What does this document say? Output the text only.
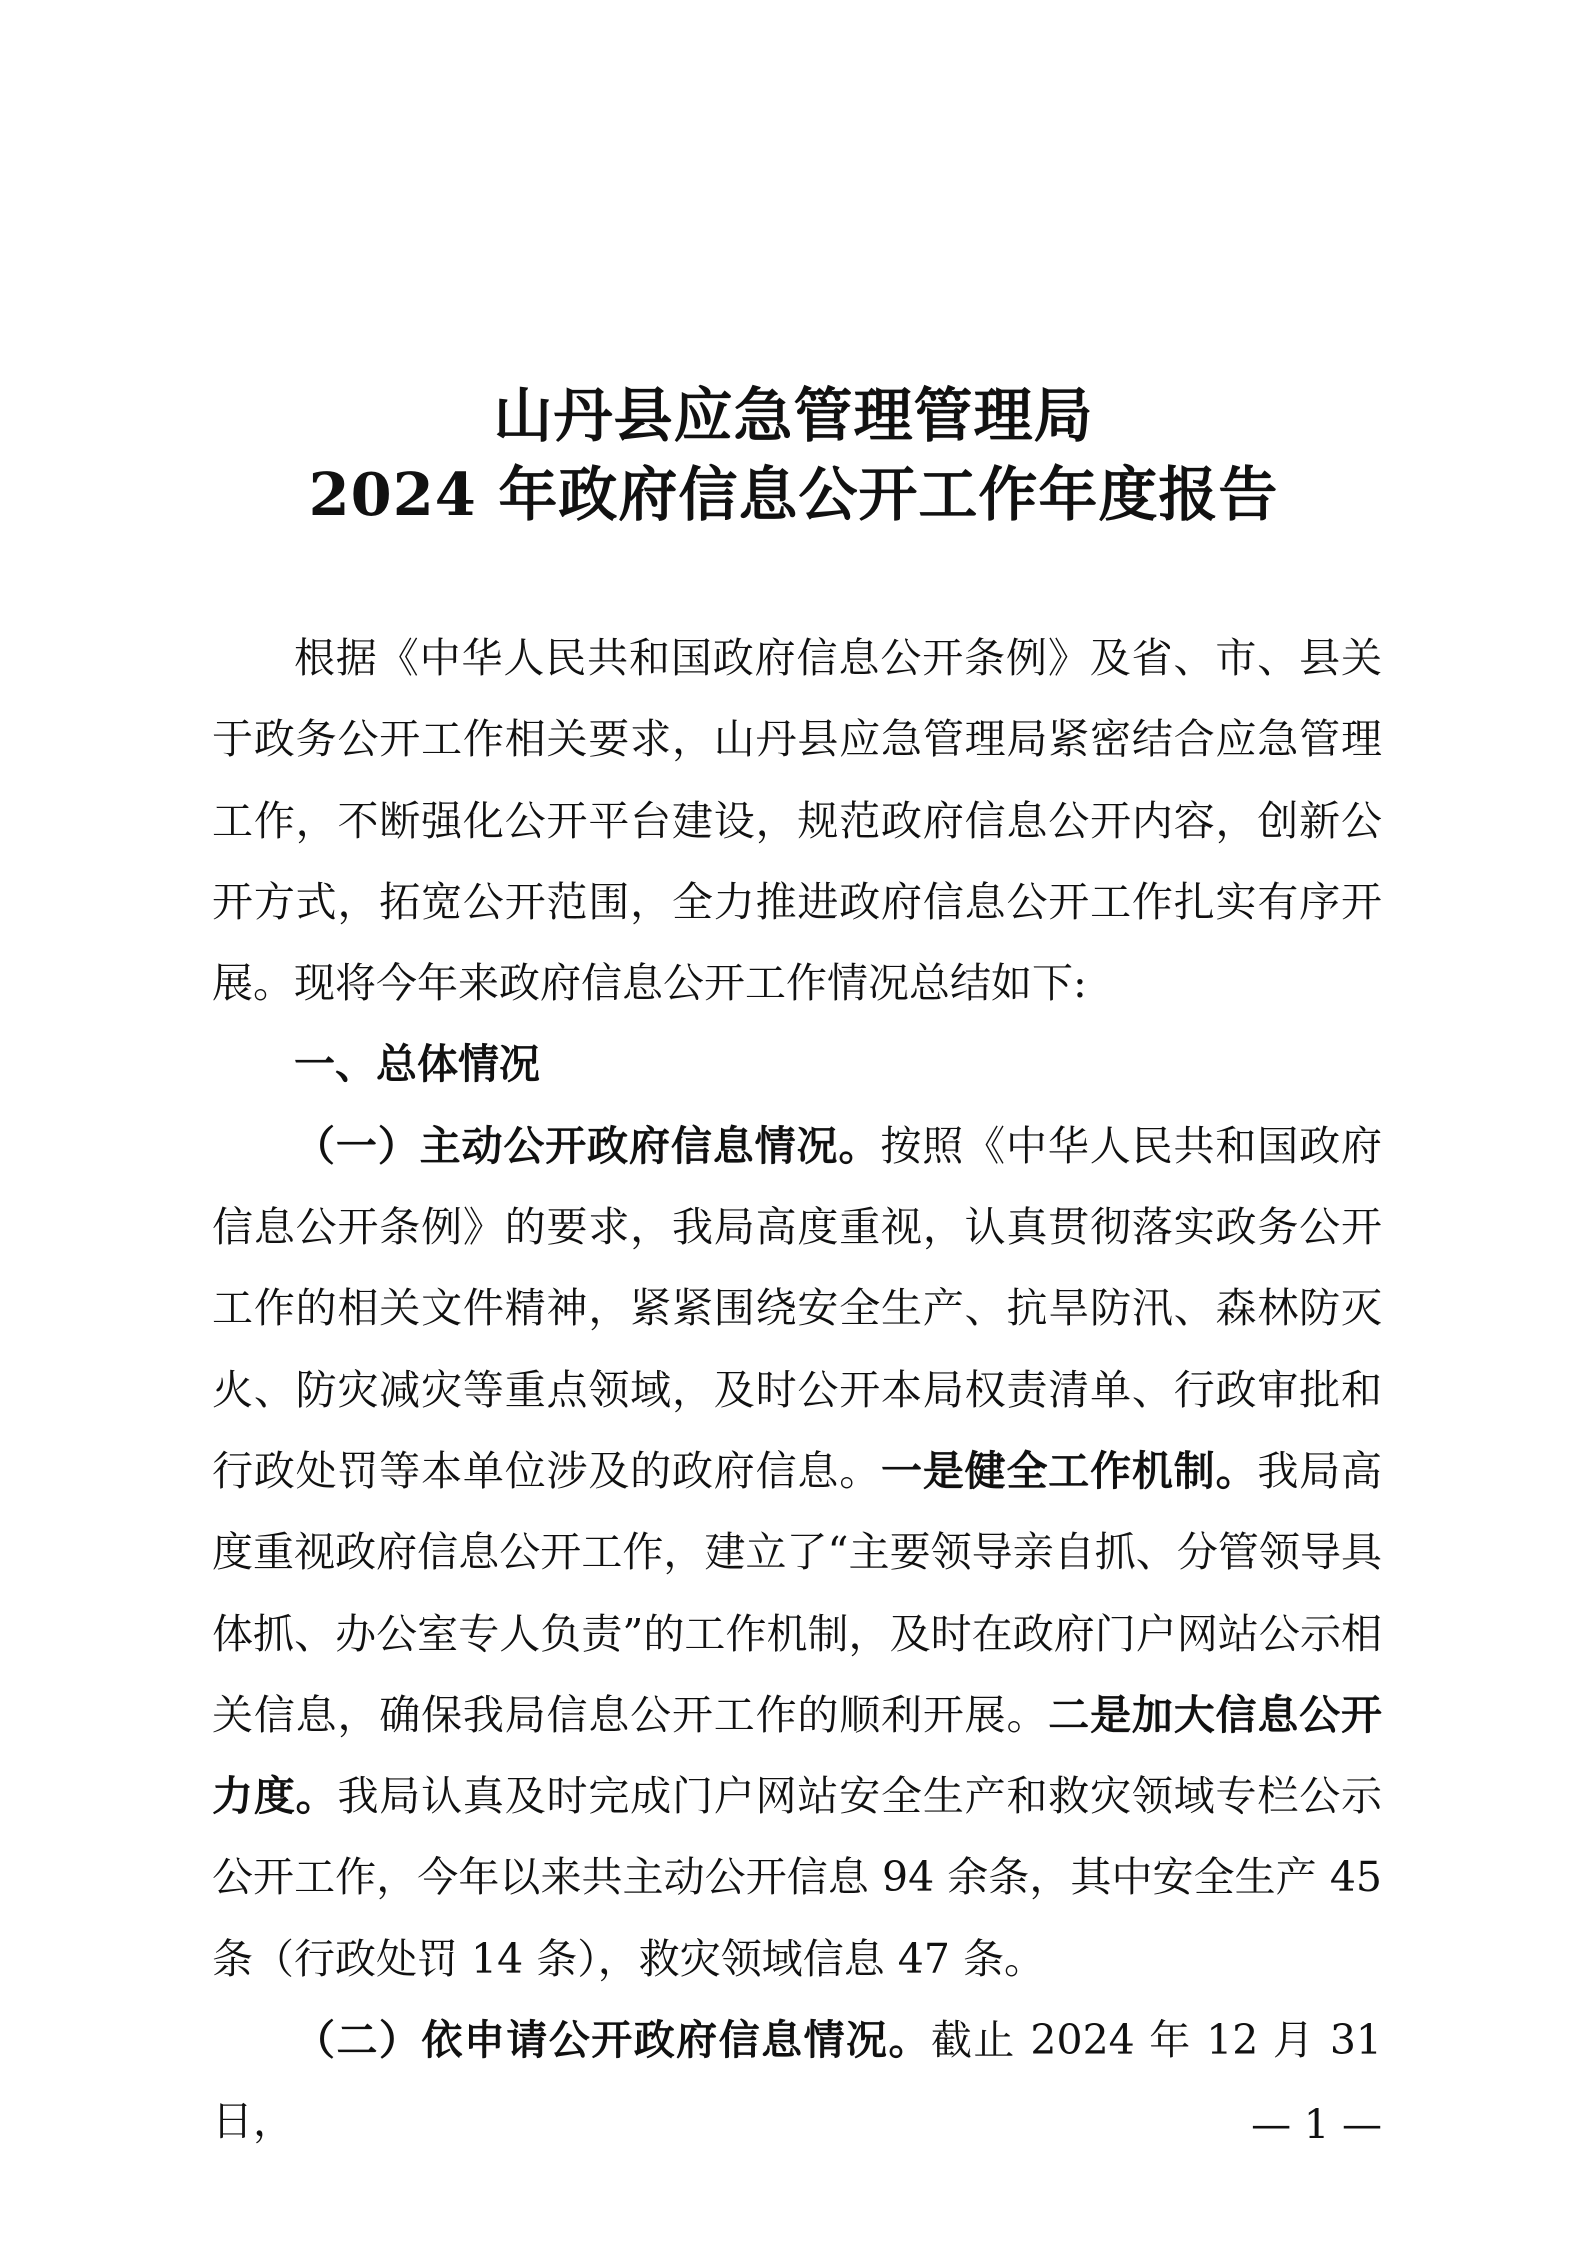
山丹县应急管理管理局
2024 年政府信息公开工作年度报告

根据《中华人民共和国政府信息公开条例》及省、市、县关于政务公开工作相关要求，山丹县应急管理局紧密结合应急管理工作，不断强化公开平台建设，规范政府信息公开内容，创新公开方式，拓宽公开范围，全力推进政府信息公开工作扎实有序开展。现将今年来政府信息公开工作情况总结如下:

一、总体情况

（一）主动公开政府信息情况。按照《中华人民共和国政府信息公开条例》的要求，我局高度重视，认真贯彻落实政务公开工作的相关文件精神，紧紧围绕安全生产、抗旱防汛、森林防灭火、防灾减灾等重点领域，及时公开本局权责清单、行政审批和行政处罚等本单位涉及的政府信息。一是健全工作机制。我局高度重视政府信息公开工作，建立了“主要领导亲自抓、分管领导具体抓、办公室专人负责”的工作机制，及时在政府门户网站公示相关信息，确保我局信息公开工作的顺利开展。二是加大信息公开力度。我局认真及时完成门户网站安全生产和救灾领域专栏公示公开工作，今年以来共主动公开信息 94 余条，其中安全生产 45 条（行政处罚 14 条），救灾领域信息 47 条。

（二）依申请公开政府信息情况。截止 2024 年 12 月 31 日，	— 1 —
